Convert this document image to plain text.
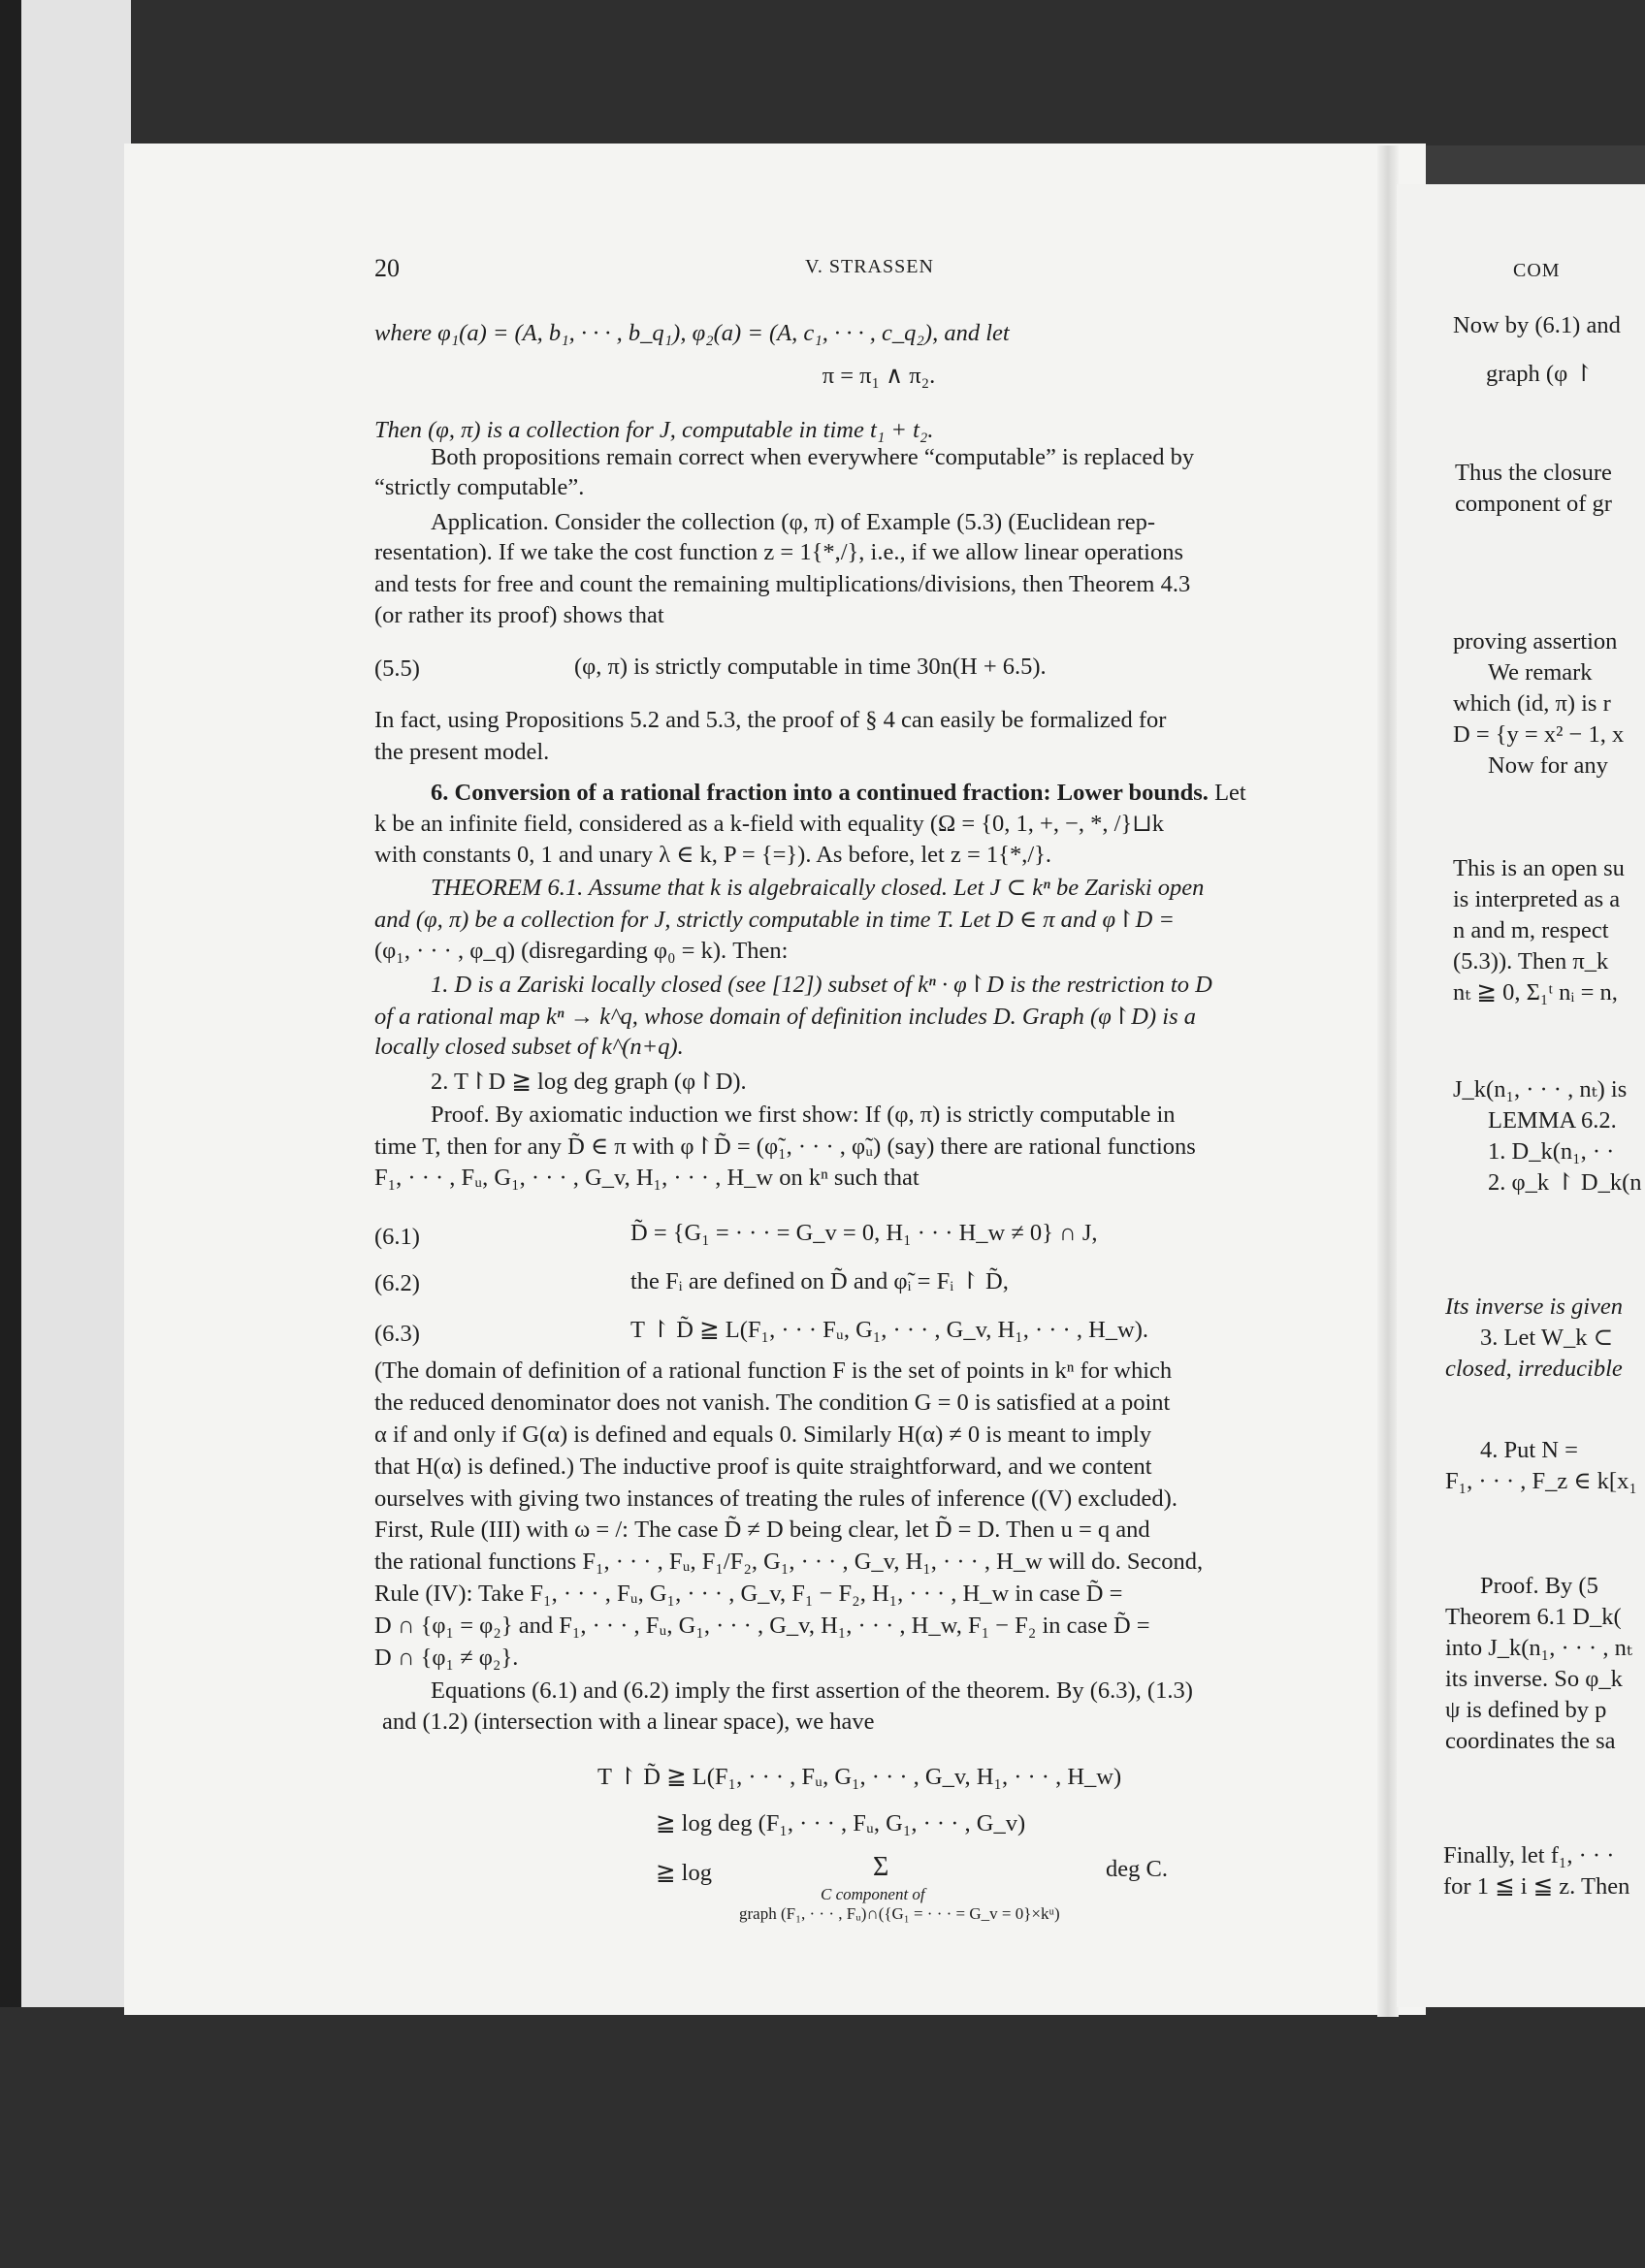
20	V. STRASSEN
where φ₁(a) = (A, b₁, · · · , b_q₁), φ₂(a) = (A, c₁, · · · , c_q₂), and let
π = π₁ ∧ π₂.
Then (φ, π) is a collection for J, computable in time t₁ + t₂.
Both propositions remain correct when everywhere “computable” is replaced by
“strictly computable”.
Application. Consider the collection (φ, π) of Example (5.3) (Euclidean rep-
resentation). If we take the cost function z = 1{*,/}, i.e., if we allow linear operations
and tests for free and count the remaining multiplications/divisions, then Theorem 4.3
(or rather its proof) shows that
(5.5)	(φ, π) is strictly computable in time 30n(H + 6.5).
In fact, using Propositions 5.2 and 5.3, the proof of § 4 can easily be formalized for
the present model.
6. Conversion of a rational fraction into a continued fraction: Lower bounds. Let
k be an infinite field, considered as a k-field with equality (Ω = {0, 1, +, −, *, /}⊔k
with constants 0, 1 and unary λ ∈ k, P = {=}). As before, let z = 1{*,/}.
THEOREM 6.1. Assume that k is algebraically closed. Let J ⊂ kⁿ be Zariski open
and (φ, π) be a collection for J, strictly computable in time T. Let D ∈ π and φ↾D =
(φ₁, · · · , φ_q) (disregarding φ₀ = k). Then:
1. D is a Zariski locally closed (see [12]) subset of kⁿ · φ↾D is the restriction to D
of a rational map kⁿ → k^q, whose domain of definition includes D. Graph (φ↾D) is a
locally closed subset of k^(n+q).
2. T↾D ≧ log deg graph (φ↾D).
Proof. By axiomatic induction we first show: If (φ, π) is strictly computable in
time T, then for any D̃ ∈ π with φ↾D̃ = (φ̃₁, · · · , φ̃ᵤ) (say) there are rational functions
F₁, · · · , Fᵤ, G₁, · · · , G_v, H₁, · · · , H_w on kⁿ such that
(6.1)	D̃ = {G₁ = · · · = G_v = 0, H₁ · · · H_w ≠ 0} ∩ J,
(6.2)	the Fᵢ are defined on D̃ and φ̃ᵢ = Fᵢ ↾ D̃,
(6.3)	T ↾ D̃ ≧ L(F₁, · · · Fᵤ, G₁, · · · , G_v, H₁, · · · , H_w).
(The domain of definition of a rational function F is the set of points in kⁿ for which
the reduced denominator does not vanish. The condition G = 0 is satisfied at a point
α if and only if G(α) is defined and equals 0. Similarly H(α) ≠ 0 is meant to imply
that H(α) is defined.) The inductive proof is quite straightforward, and we content
ourselves with giving two instances of treating the rules of inference ((V) excluded).
First, Rule (III) with ω = /: The case D̃ ≠ D being clear, let D̃ = D. Then u = q and
the rational functions F₁, · · · , Fᵤ, F₁/F₂, G₁, · · · , G_v, H₁, · · · , H_w will do. Second,
Rule (IV): Take F₁, · · · , Fᵤ, G₁, · · · , G_v, F₁ − F₂, H₁, · · · , H_w in case D̃ =
D ∩ {φ₁ = φ₂} and F₁, · · · , Fᵤ, G₁, · · · , G_v, H₁, · · · , H_w, F₁ − F₂ in case D̃ =
D ∩ {φ₁ ≠ φ₂}.
Equations (6.1) and (6.2) imply the first assertion of the theorem. By (6.3), (1.3)
and (1.2) (intersection with a linear space), we have
T ↾ D̃ ≧ L(F₁, · · · , Fᵤ, G₁, · · · , G_v, H₁, · · · , H_w)
≧ log deg (F₁, · · · , Fᵤ, G₁, · · · , G_v)
≧ log	Σ	deg C.
C component of
graph (F₁, · · · , Fᵤ)∩({G₁ = · · · = G_v = 0}×kᵘ)
COM
Now by (6.1) and
graph (φ ↾
Thus the closure
component of gr
proving assertion
We remark
which (id, π) is r
D = {y = x² − 1, x
Now for any
This is an open su
is interpreted as a
n and m, respect
(5.3)). Then π_k
nₜ ≧ 0, Σ₁ᵗ nᵢ = n,
J_k(n₁, · · · , nₜ) is
LEMMA 6.2.
1. D_k(n₁, · ·
2. φ_k ↾ D_k(n
Its inverse is given
3. Let W_k ⊂
closed, irreducible
4. Put N =
F₁, · · · , F_z ∈ k[x₁
Proof. By (5
Theorem 6.1 D_k(
into J_k(n₁, · · · , nₜ
its inverse. So φ_k
ψ is defined by p
coordinates the sa
Finally, let f₁, · · ·
for 1 ≦ i ≦ z. Then
